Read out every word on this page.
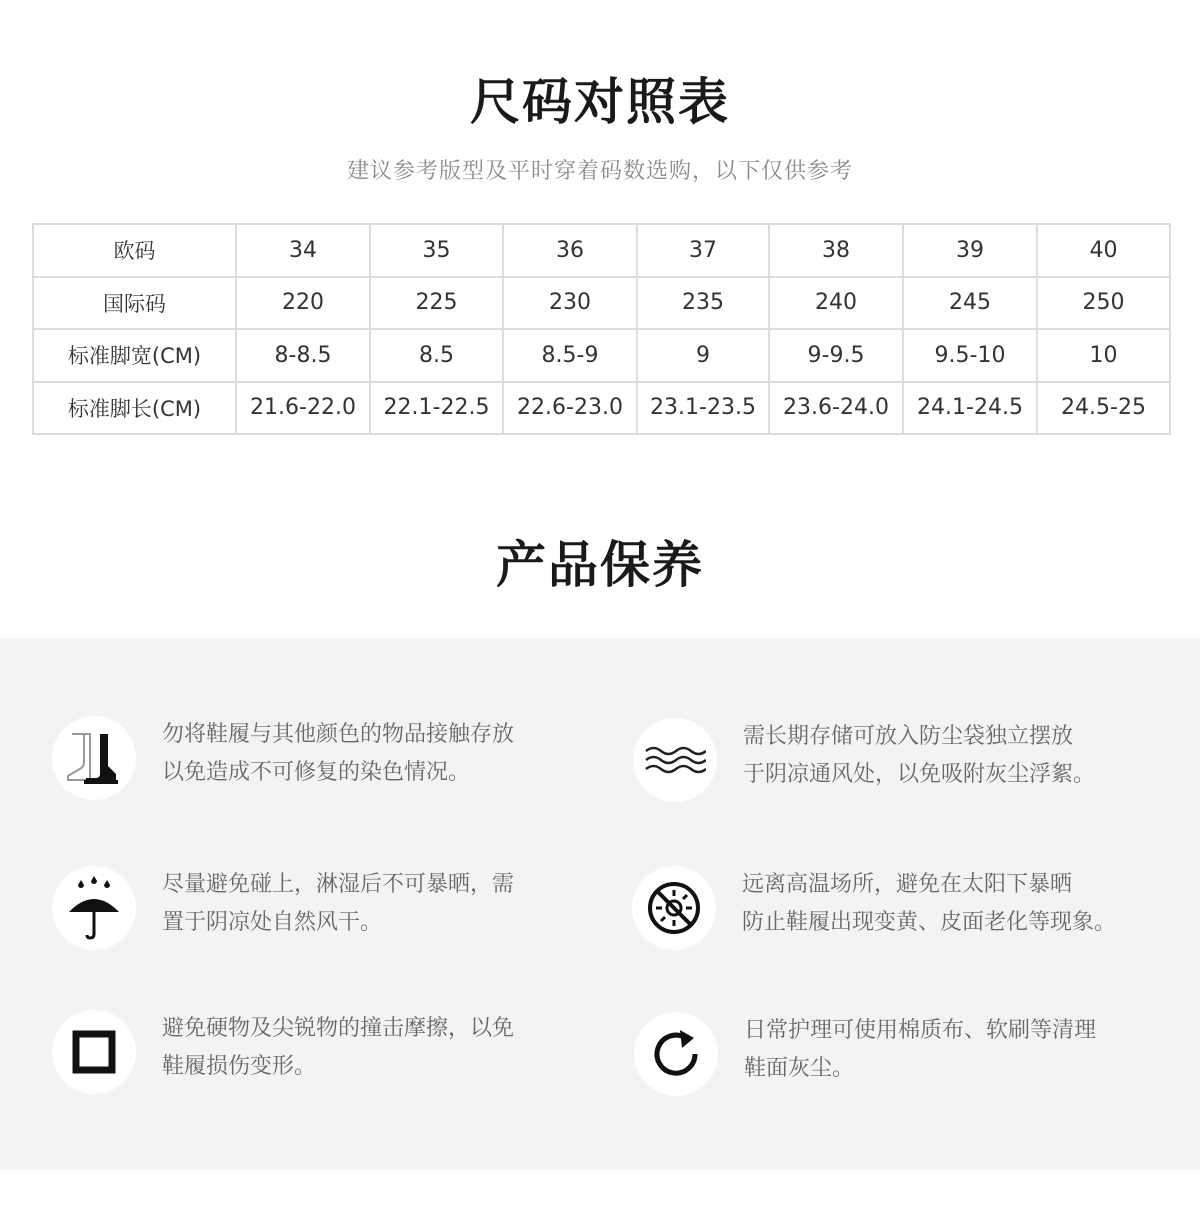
尺码对照表
建议参考版型及平时穿着码数选购，以下仅供参考
欧码	34	35	36	37	38	39	40
国际码	220	225	230	235	240	245	250
标准脚宽(CM)	8-8.5	8.5	8.5-9	9	9-9.5	9.5-10	10
标准脚长(CM)	21.6-22.0	22.1-22.5	22.6-23.0	23.1-23.5	23.6-24.0	24.1-24.5	24.5-25
产品保养
勿将鞋履与其他颜色的物品接触存放
以免造成不可修复的染色情况。
需长期存储可放入防尘袋独立摆放
于阴凉通风处，以免吸附灰尘浮絮。
尽量避免碰上，淋湿后不可暴晒，需
置于阴凉处自然风干。
远离高温场所，避免在太阳下暴晒
防止鞋履出现变黄、皮面老化等现象。
避免硬物及尖锐物的撞击摩擦，以免
鞋履损伤变形。
日常护理可使用棉质布、软刷等清理
鞋面灰尘。
